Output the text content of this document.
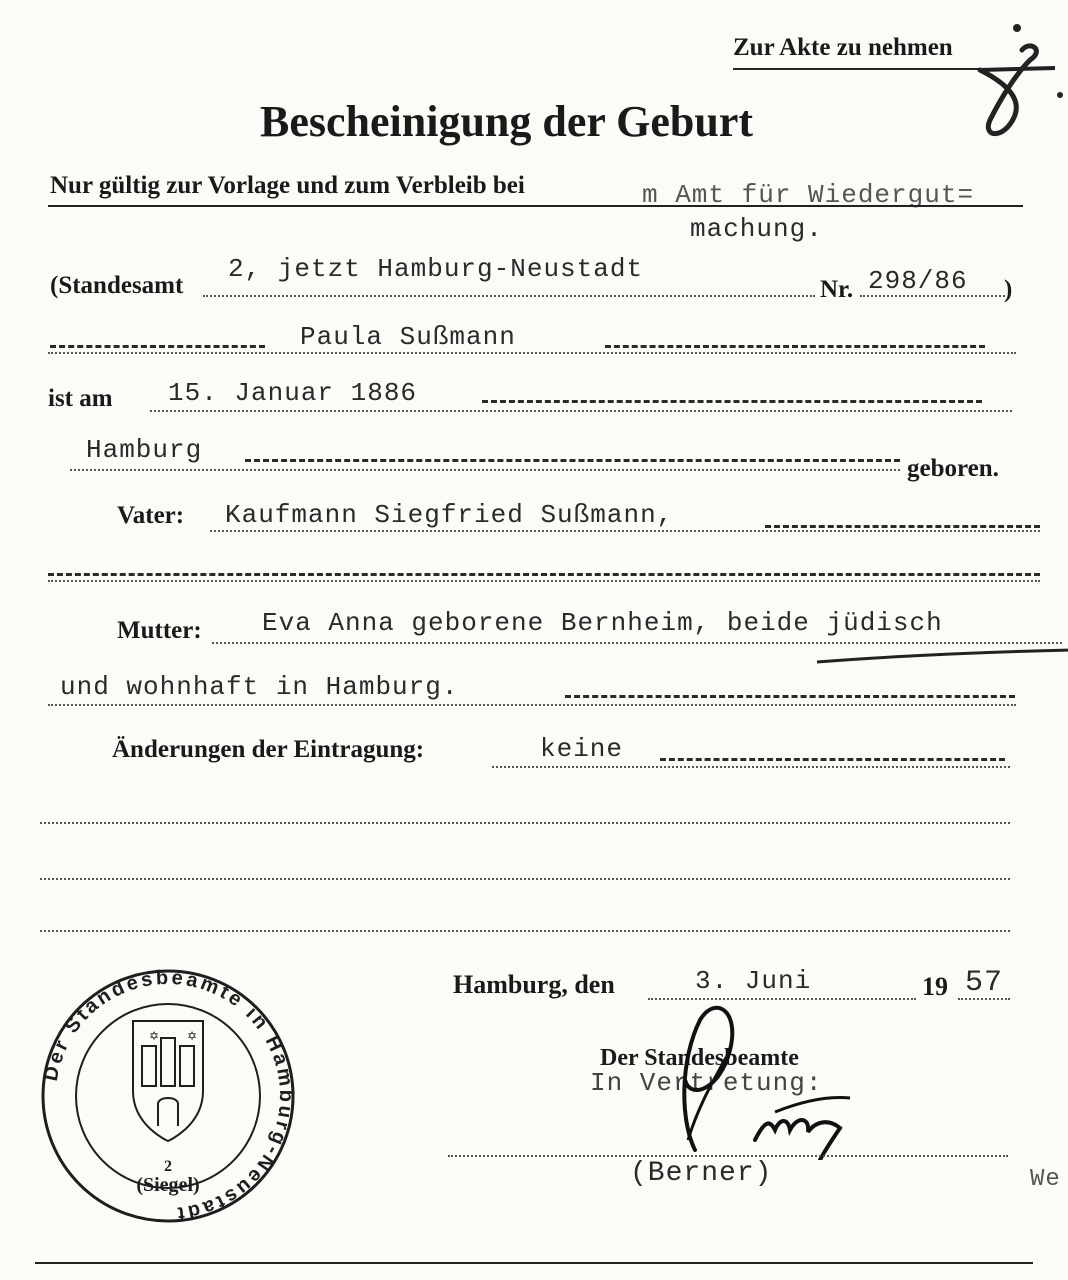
Zur Akte zu nehmen
Bescheinigung der Geburt
Nur gültig zur Vorlage und zum Verbleib bei	m Amt für Wiedergut=
machung.
(Standesamt
2, jetzt Hamburg-Neustadt
Nr. 298/86 )
Paula Sußmann
ist am 15. Januar 1886
Hamburg
geboren.
Vater: Kaufmann Siegfried Sußmann,
Mutter: Eva Anna geborene Bernheim, beide jüdisch
und wohnhaft in Hamburg.
Änderungen der Eintragung:	keine
Der Standesbeamte in Hamburg-Neustadt
✡ ✡
2
(Siegel)
Hamburg, den	3. Juni	19 57
Der Standesbeamte
In Vertretung:
(Berner)	We
